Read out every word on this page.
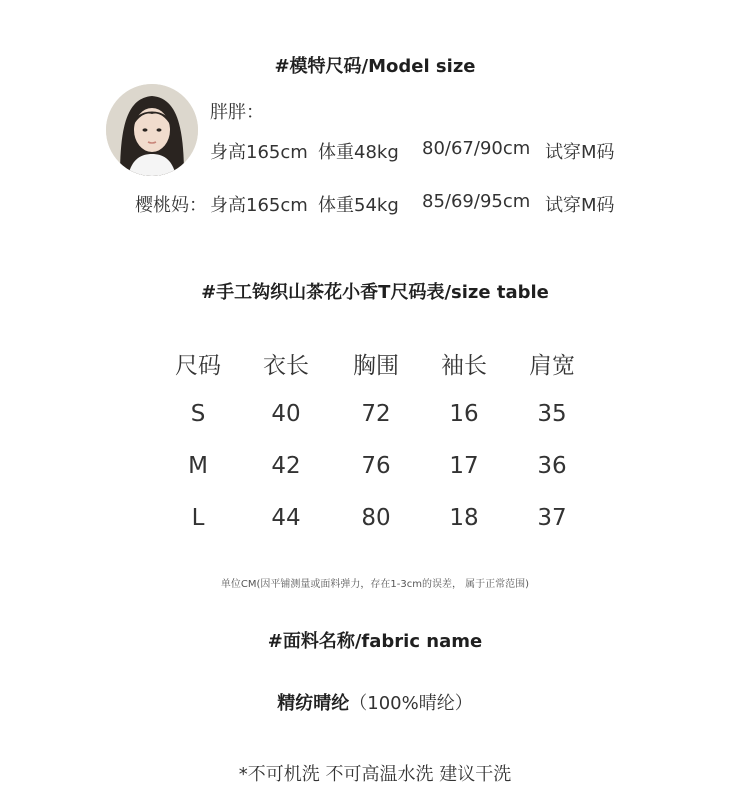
#模特尺码/Model size
胖胖：
身高165cm 体重48kg 80/67/90cm 试穿M码
樱桃妈： 身高165cm 体重54kg 85/69/95cm 试穿M码
#手工钩织山茶花小香T尺码表/size table
尺码	衣长	胸围	袖长	肩宽
S	40	72	16	35
M	42	76	17	36
L	44	80	18	37
单位CM(因平铺测量或面料弹力，存在1-3cm的误差， 属于正常范围)
#面料名称/fabric name
精纺晴纶（100%晴纶）
*不可机洗 不可高温水洗 建议干洗
